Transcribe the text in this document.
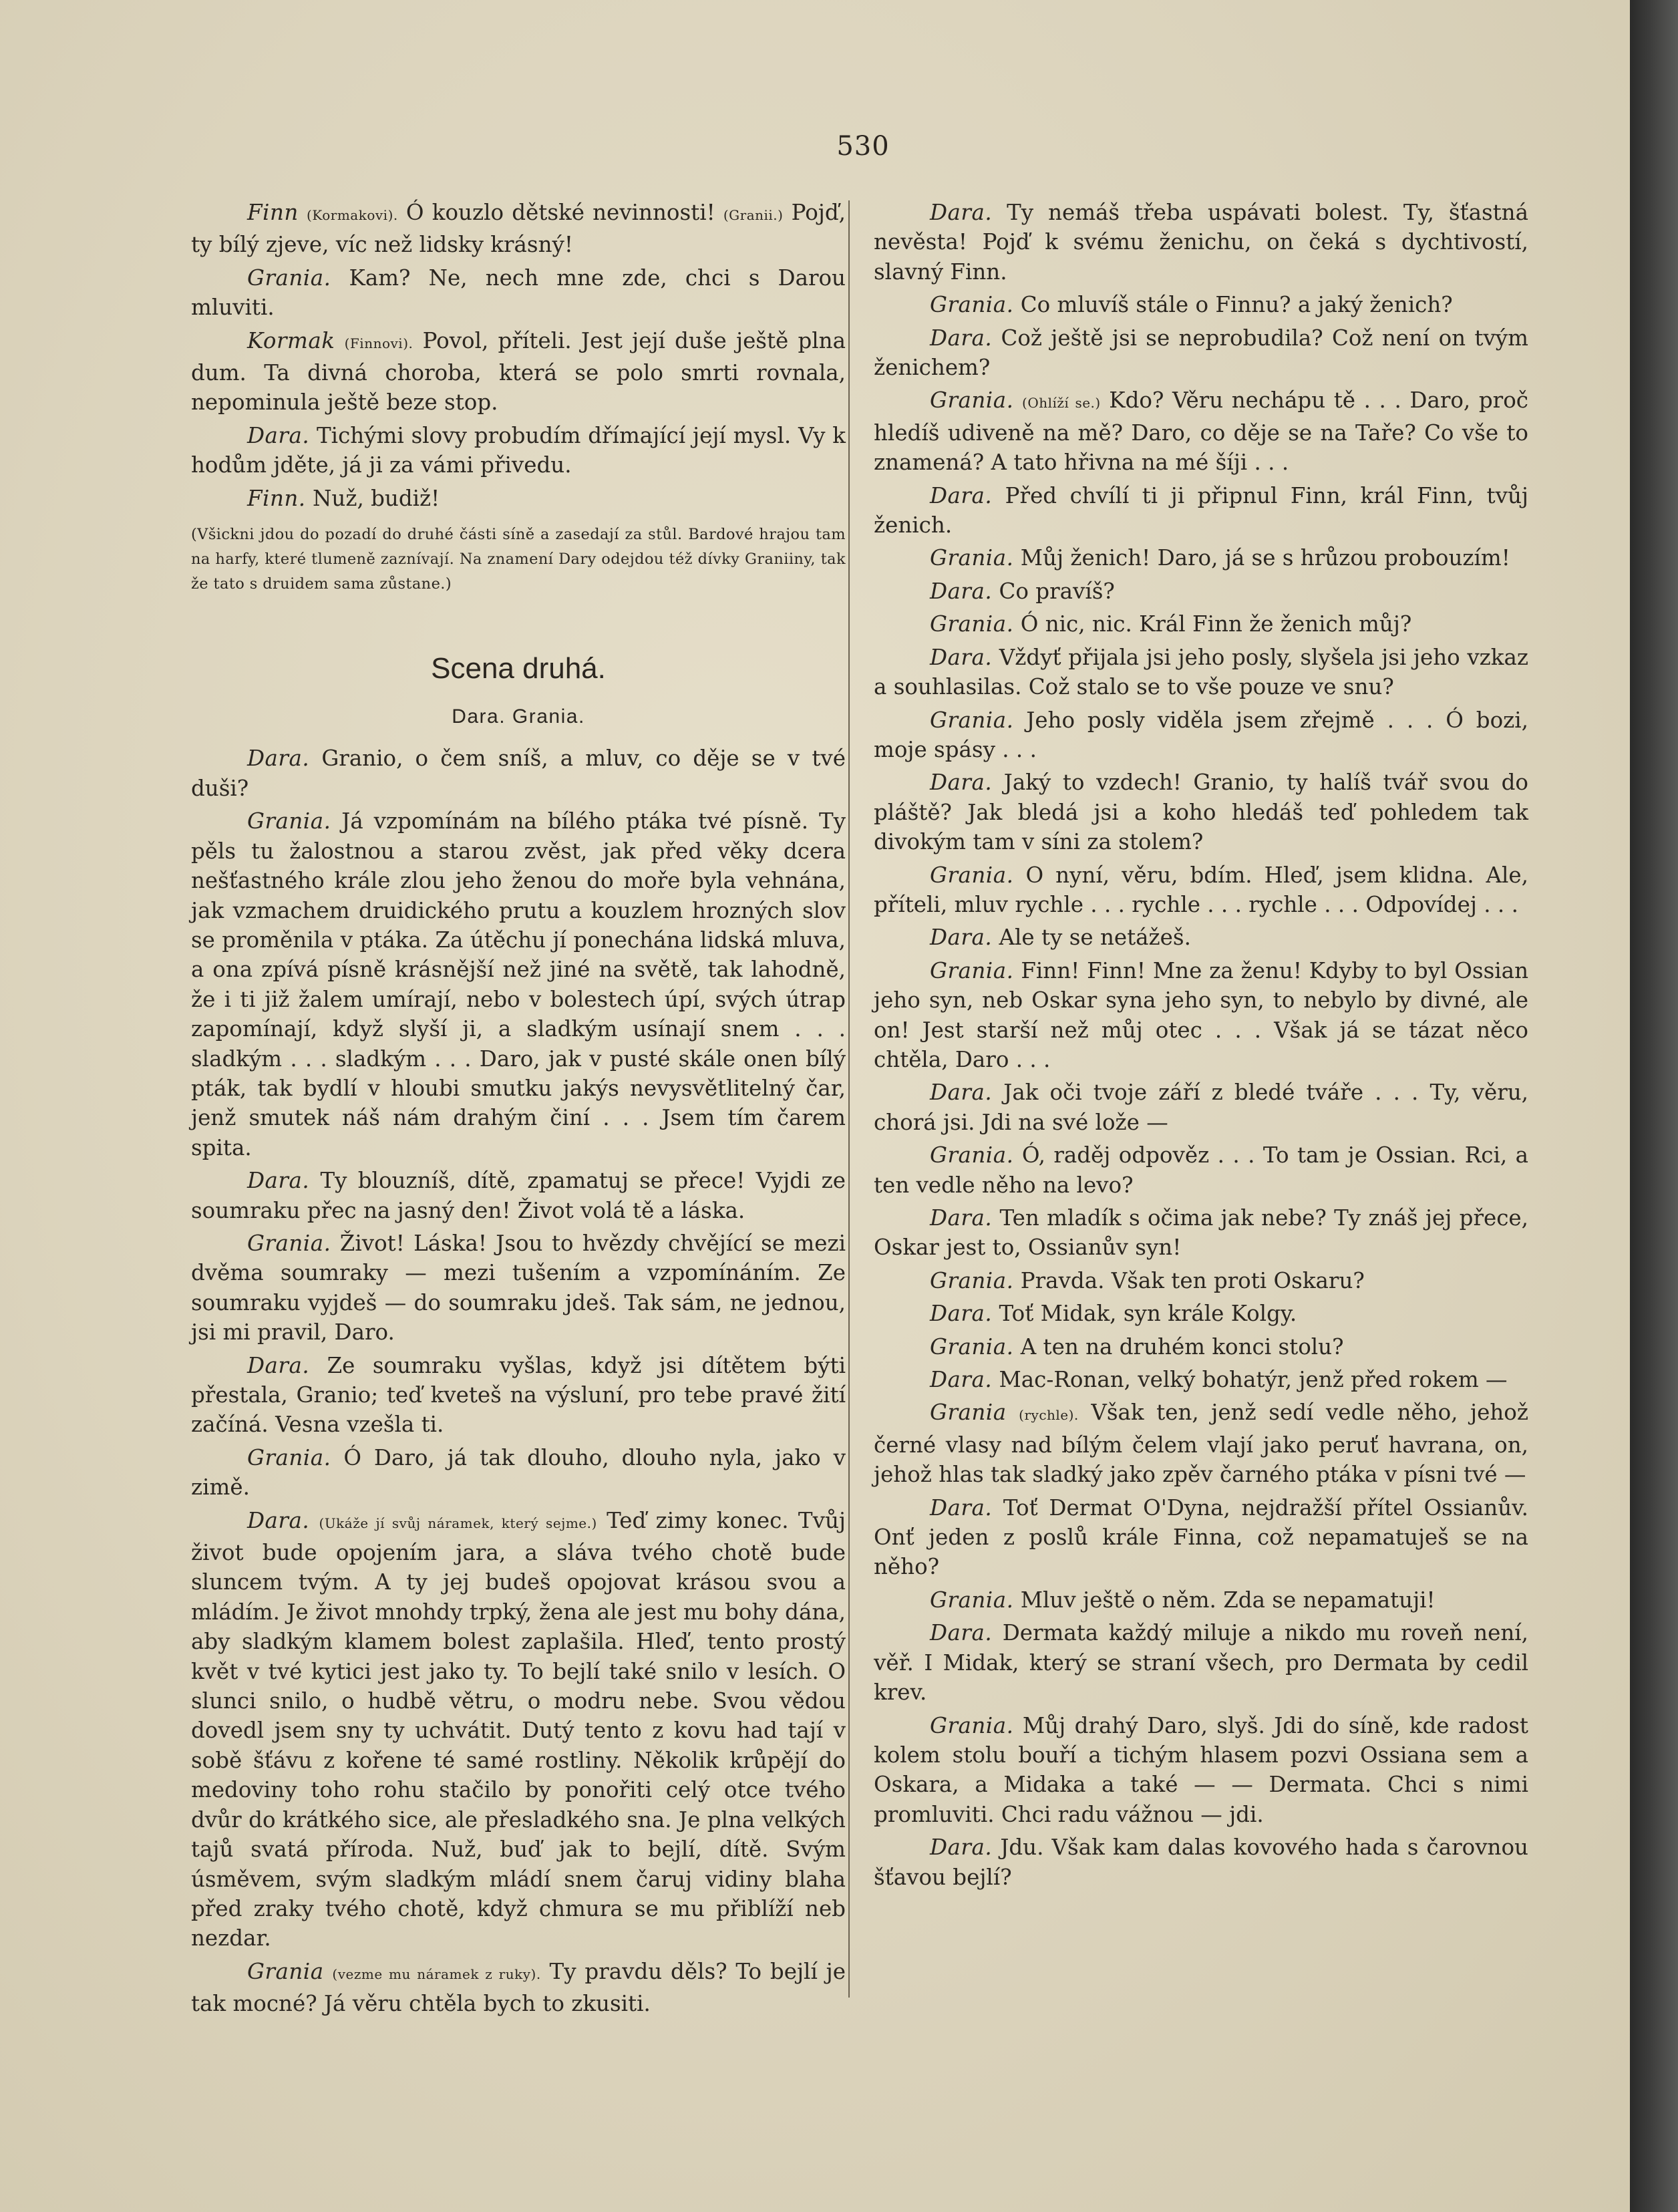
530

Finn (Kormakovi). Ó kouzlo dětské nevinnosti! (Granii.) Pojď, ty bílý zjeve, víc než lidsky krásný!

Grania. Kam? Ne, nech mne zde, chci s Darou mluviti.

Kormak (Finnovi). Povol, příteli. Jest její duše ještě plna dum. Ta divná choroba, která se polo smrti rovnala, nepominula ještě beze stop.

Dara. Tichými slovy probudím dřímající její mysl. Vy k hodům jděte, já ji za vámi přivedu.

Finn. Nuž, budiž!

(Všickni jdou do pozadí do druhé části síně a zasedají za stůl. Bardové hrajou tam na harfy, které tlumeně zaznívají. Na znamení Dary odejdou též dívky Graniiny, tak že tato s druidem sama zůstane.)

Scena druhá.
Dara. Grania.

Dara. Granio, o čem sníš, a mluv, co děje se v tvé duši?

Grania. Já vzpomínám na bílého ptáka tvé písně. Ty pěls tu žalostnou a starou zvěst, jak před věky dcera nešťastného krále zlou jeho ženou do moře byla vehnána, jak vzmachem druidického prutu a kouzlem hrozných slov se proměnila v ptáka. Za útěchu jí ponechána lidská mluva, a ona zpívá písně krásnější než jiné na světě, tak lahodně, že i ti již žalem umírají, nebo v bolestech úpí, svých útrap zapomínají, když slyší ji, a sladkým usínají snem . . . sladkým . . . sladkým . . . Daro, jak v pusté skále onen bílý pták, tak bydlí v hloubi smutku jakýs nevysvětlitelný čar, jenž smutek náš nám drahým činí . . . Jsem tím čarem spita.

Dara. Ty blouzníš, dítě, zpamatuj se přece! Vyjdi ze soumraku přec na jasný den! Život volá tě a láska.

Grania. Život! Láska! Jsou to hvězdy chvějící se mezi dvěma soumraky — mezi tušením a vzpomínáním. Ze soumraku vyjdeš — do soumraku jdeš. Tak sám, ne jednou, jsi mi pravil, Daro.

Dara. Ze soumraku vyšlas, když jsi dítětem býti přestala, Granio; teď kveteš na výsluní, pro tebe pravé žití začíná. Vesna vzešla ti.

Grania. Ó Daro, já tak dlouho, dlouho nyla, jako v zimě.

Dara. (Ukáže jí svůj náramek, který sejme.) Teď zimy konec. Tvůj život bude opojením jara, a sláva tvého chotě bude sluncem tvým. A ty jej budeš opojovat krásou svou a mládím. Je život mnohdy trpký, žena ale jest mu bohy dána, aby sladkým klamem bolest zaplašila. Hleď, tento prostý květ v tvé kytici jest jako ty. To bejlí také snilo v lesích. O slunci snilo, o hudbě větru, o modru nebe. Svou vědou dovedl jsem sny ty uchvátit. Dutý tento z kovu had tají v sobě šťávu z kořene té samé rostliny. Několik krůpějí do medoviny toho rohu stačilo by ponořiti celý otce tvého dvůr do krátkého sice, ale přesladkého sna. Je plna velkých tajů svatá příroda. Nuž, buď jak to bejlí, dítě. Svým úsměvem, svým sladkým mládí snem čaruj vidiny blaha před zraky tvého chotě, když chmura se mu přiblíží neb nezdar.

Grania (vezme mu náramek z ruky). Ty pravdu děls? To bejlí je tak mocné? Já věru chtěla bych to zkusiti.

Dara. Ty nemáš třeba uspávati bolest. Ty, šťastná nevěsta! Pojď k svému ženichu, on čeká s dychtivostí, slavný Finn.

Grania. Co mluvíš stále o Finnu? a jaký ženich?

Dara. Což ještě jsi se neprobudila? Což není on tvým ženichem?

Grania. (Ohlíží se.) Kdo? Věru nechápu tě . . . Daro, proč hledíš udiveně na mě? Daro, co děje se na Taře? Co vše to znamená? A tato hřivna na mé šíji . . .

Dara. Před chvílí ti ji připnul Finn, král Finn, tvůj ženich.

Grania. Můj ženich! Daro, já se s hrůzou probouzím!

Dara. Co pravíš?

Grania. Ó nic, nic. Král Finn že ženich můj?

Dara. Vždyť přijala jsi jeho posly, slyšela jsi jeho vzkaz a souhlasilas. Což stalo se to vše pouze ve snu?

Grania. Jeho posly viděla jsem zřejmě . . . Ó bozi, moje spásy . . .

Dara. Jaký to vzdech! Granio, ty halíš tvář svou do pláště? Jak bledá jsi a koho hledáš teď pohledem tak divokým tam v síni za stolem?

Grania. O nyní, věru, bdím. Hleď, jsem klidna. Ale, příteli, mluv rychle . . . rychle . . . rychle . . . Odpovídej . . .

Dara. Ale ty se netážeš.

Grania. Finn! Finn! Mne za ženu! Kdyby to byl Ossian jeho syn, neb Oskar syna jeho syn, to nebylo by divné, ale on! Jest starší než můj otec . . . Však já se tázat něco chtěla, Daro . . .

Dara. Jak oči tvoje září z bledé tváře . . . Ty, věru, chorá jsi. Jdi na své lože —

Grania. Ó, raděj odpověz . . . To tam je Ossian. Rci, a ten vedle něho na levo?

Dara. Ten mladík s očima jak nebe? Ty znáš jej přece, Oskar jest to, Ossianův syn!

Grania. Pravda. Však ten proti Oskaru?

Dara. Toť Midak, syn krále Kolgy.

Grania. A ten na druhém konci stolu?

Dara. Mac-Ronan, velký bohatýr, jenž před rokem —

Grania (rychle). Však ten, jenž sedí vedle něho, jehož černé vlasy nad bílým čelem vlají jako peruť havrana, on, jehož hlas tak sladký jako zpěv čarného ptáka v písni tvé —

Dara. Toť Dermat O'Dyna, nejdražší přítel Ossianův. Onť jeden z poslů krále Finna, což nepamatuješ se na něho?

Grania. Mluv ještě o něm. Zda se nepamatuji!

Dara. Dermata každý miluje a nikdo mu roveň není, věř. I Midak, který se straní všech, pro Dermata by cedil krev.

Grania. Můj drahý Daro, slyš. Jdi do síně, kde radost kolem stolu bouří a tichým hlasem pozvi Ossiana sem a Oskara, a Midaka a také — — Dermata. Chci s nimi promluviti. Chci radu vážnou — jdi.

Dara. Jdu. Však kam dalas kovového hada s čarovnou šťavou bejlí?
